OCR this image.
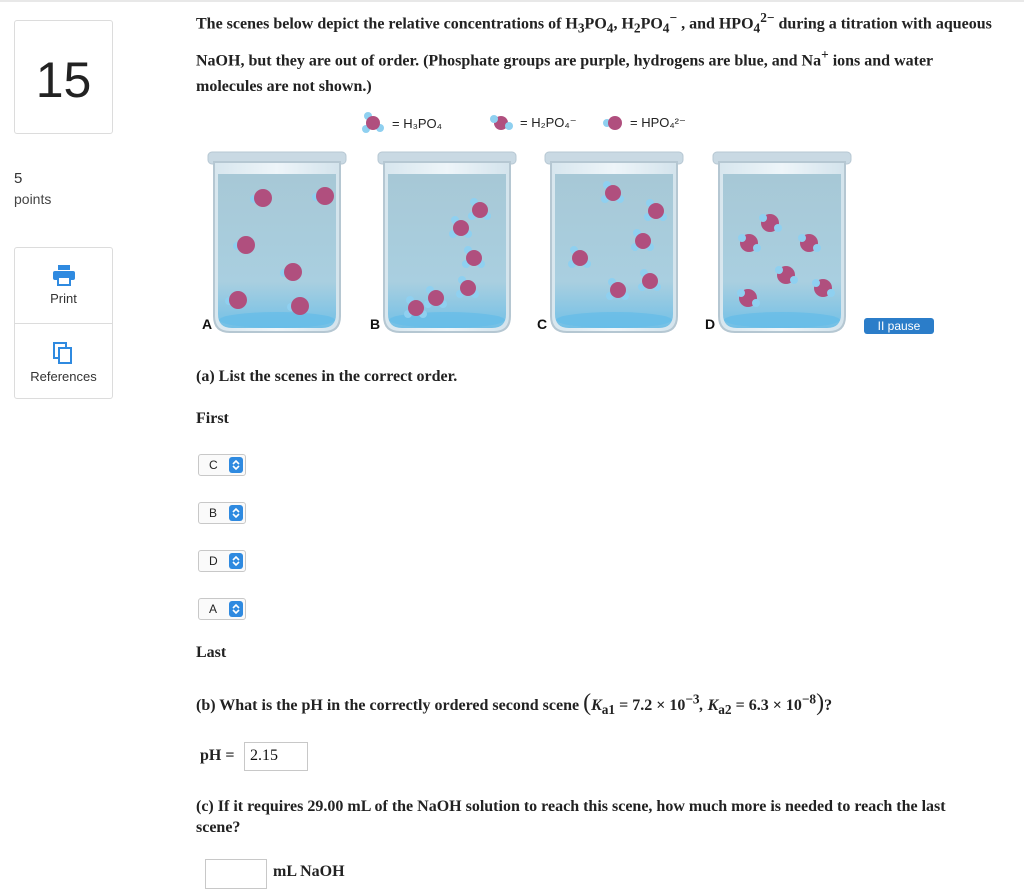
15
5
points
Print
References
The scenes below depict the relative concentrations of $H_3PO_4$, $H_2PO_4^-$ , and $HPO_4^{2-}$ during a titration with aqueous NaOH, but they are out of order. (Phosphate groups are purple, hydrogens are blue, and Na+ ions and water molecules are not shown.)
= H₃PO₄	= H₂PO₄⁻	= HPO₄²⁻
A	B	C	D	II pause
(a) List the scenes in the correct order.
First
C
B
D
A
Last
(b) What is the pH in the correctly ordered second scene ($K_{a1} = 7.2 \times 10^{-3}$, $K_{a2} = 6.3 \times 10^{-8}$)?
pH = 2.15
(c) If it requires 29.00 mL of the NaOH solution to reach this scene, how much more is needed to reach the last scene?
mL NaOH
